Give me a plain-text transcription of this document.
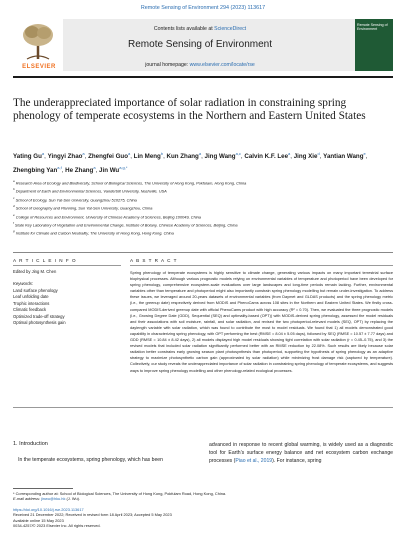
Remote Sensing of Environment 294 (2023) 113617
ELSEVIER
Contents lists available at ScienceDirect
Remote Sensing of Environment
journal homepage: www.elsevier.com/locate/rse
Remote Sensing of Environment
The underappreciated importance of solar radiation in constraining spring phenology of temperate ecosystems in the Northern and Eastern United States
Yating Gu$^a$, Yingyi Zhao$^a$, Zhengfei Guo$^a$, Lin Meng$^b$, Kun Zhang$^a$, Jing Wang$^{a,c}$, Calvin K.F. Lee$^a$, Jing Xie$^d$, Yantian Wang$^e$, Zhengbing Yan$^{a,f}$, He Zhang$^a$, Jin $Wu^{a,g,*}$
$^a$ Research Area of Ecology and Biodiversity, School of Biological Sciences, The University of Hong Kong, Pokfulam, Hong Kong, China
$^b$ Department of Earth and Environmental Sciences, Vanderbilt University, Nashville, USA
$^c$ School of Ecology, Sun Yat-Sen University, Guangzhou 510275, China
$^d$ School of Geography and Planning, Sun Yat-Sen University, Guangzhou, China
$^e$ College of Resources and Environment, University of Chinese Academy of Sciences, Beijing 100049, China
$^f$ State Key Laboratory of Vegetation and Environmental Change, Institute of Botany, Chinese Academy of Sciences, Beijing, China
$^g$ Institute for Climate and Carbon Neutrality, The University of Hong Kong, Hong Kong, China
A R T I C L E I N F O	A B S T R A C T
Edited by Jing M. Chen
Keywords:
Land surface phenology
Leaf unfolding date
Trophic interactions
Climatic feedback
Optimized trade-off strategy
Optimal photosynthesis gain
Spring phenology of temperate ecosystems is highly sensitive to climate change, generating various impacts on many important terrestrial surface biophysical processes. Although various prognostic models relying on environmental variables of temperature and photoperiod have been developed for spring phenology, comprehensive ecosystem-scale evaluations over large landscapes and long-time periods remain lacking. Further, environmental variables other than temperature and photoperiod might also importantly constrain spring phenology modelling but remain under-investigation. To address these issues, we leveraged around 20-years datasets of environmental variables (from Daymet and GLDAS products) and the spring phenology metric (i.e., the greenup date) respectively derived from MODIS and PhenoCams across 108 sites in the Northern and Eastern United States. We firstly cross-compared MODIS-derived greenup date with official PhenoCams product with high accuracy (R² = 0.70). Then, we evaluated the three prognostic models (i.e., Growing Degree Date (GDD), Sequential (SEQ) and optimality-based (OPT)) with MODIS-derived spring phenology, assessed the model residuals and their associations with soil moisture, rainfall, and solar radiation, and revised the two photoperiod-relevant models (SEQ, OPT) by replacing the daylength variable with solar radiation, which was found to contribute the most to model residuals. We found that 1) all models demonstrated good capability in characterizing spring phenology, with OPT performing the best (RMSE = 8.04 ± 5.05 days), followed by SEQ (RMSE = 10.57 ± 7.77 days) and GDD (RMSE = 10.84 ± 8.42 days), 2) all models displayed high model residuals showing tight correlation with solar radiation (r = 0.45–0.75), and 3) the revised models that included solar radiation significantly performed better with an RMSE reduction by 22.08%. Such results are likely because solar radiation better constrains early growing season plant photosynthesis than photoperiod, supporting the hypothesis of spring phenology as an adaptive strategy to maximize photosynthetic carbon gain (approximated by solar radiation) while minimizing frost damage risk (captured by temperature). Collectively, our study reveals the underappreciated importance of solar radiation in constraining spring phenology of temperate ecosystems, and suggests ways to improve spring phenology modelling and other phenology-related ecological processes.
1. Introduction
 In the temperate ecosystems, spring phenology, which has been
advanced in response to recent global warming, is widely used as a diagnostic tool for Earth’s surface energy balance and net ecosystem carbon exchange processes (Piao et al., 2019). For instance, spring
* Corresponding author at: School of Biological Sciences, The University of Hong Kong, Pokfulam Road, Hong Kong, China.
E-mail address: jinwu@hku.hk (J. Wu).
https://doi.org/10.1016/j.rse.2023.113617
Received 21 December 2022; Received in revised form 18 April 2023; Accepted 5 May 2023
Available online 15 May 2023
0034-4257/© 2023 Elsevier Inc. All rights reserved.
